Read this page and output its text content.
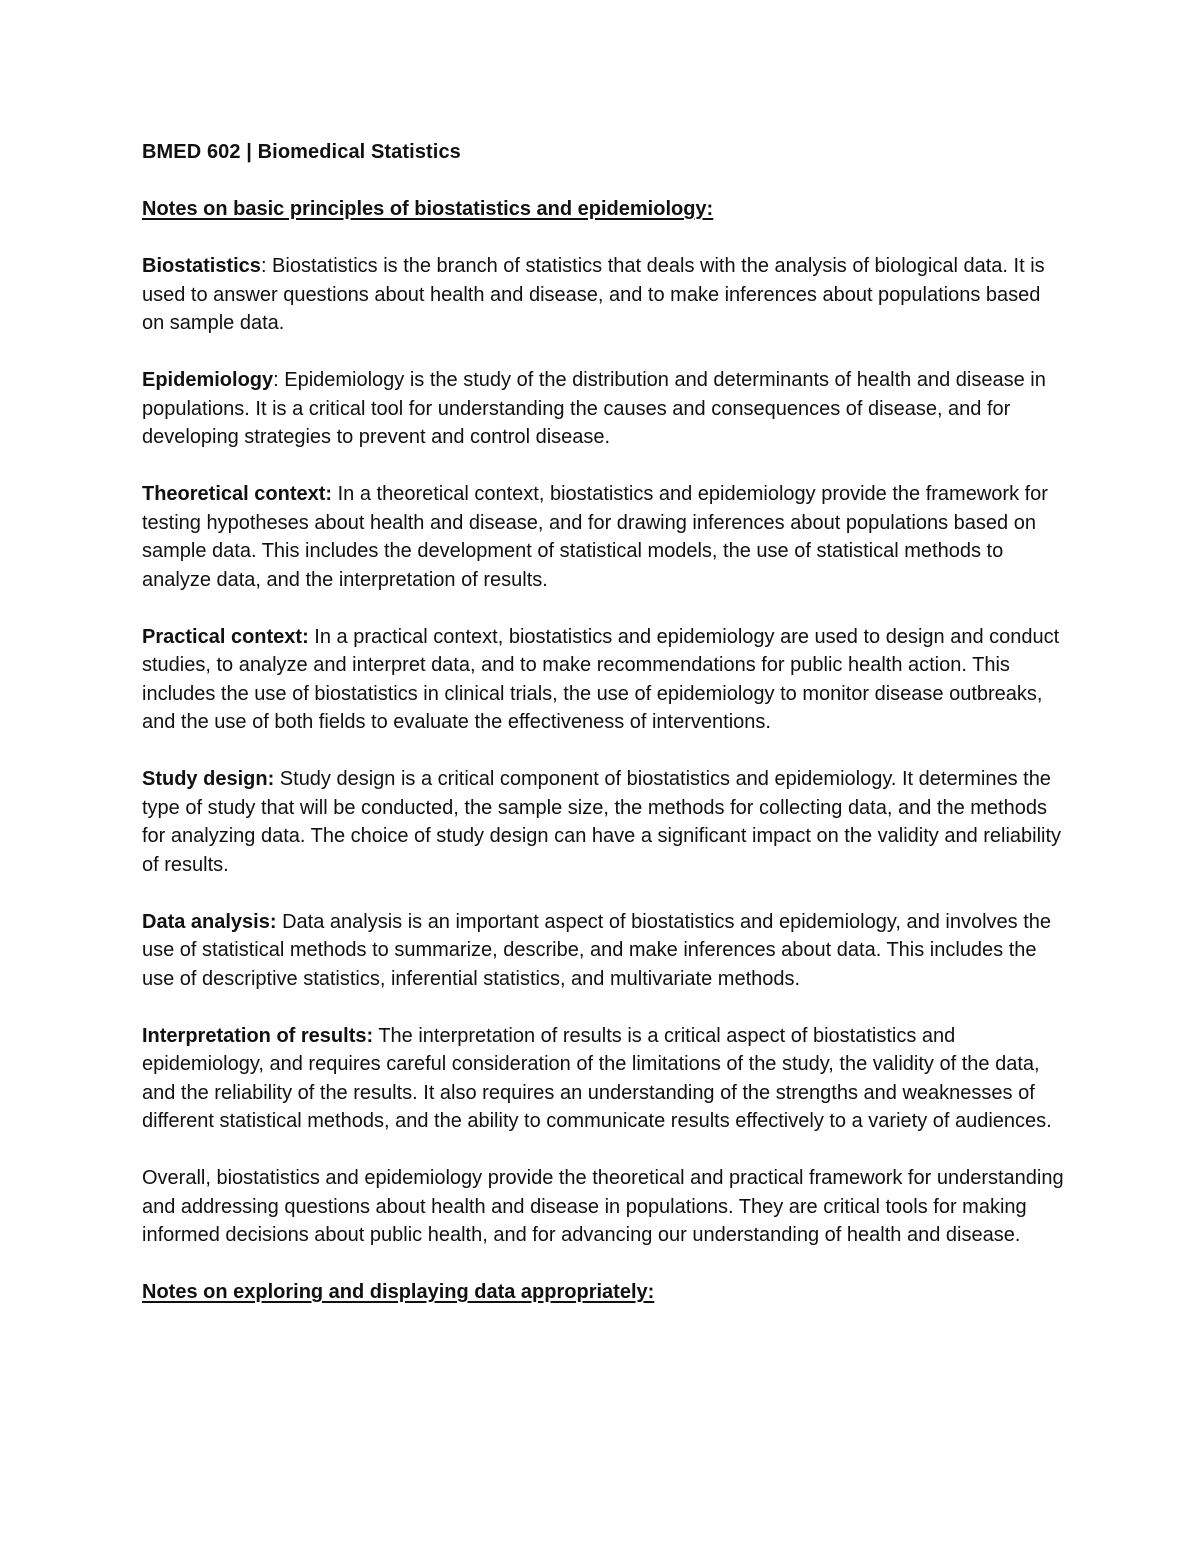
BMED 602 | Biomedical Statistics
Notes on basic principles of biostatistics and epidemiology:

Biostatistics: Biostatistics is the branch of statistics that deals with the analysis of biological data. It is used to answer questions about health and disease, and to make inferences about populations based on sample data.

Epidemiology: Epidemiology is the study of the distribution and determinants of health and disease in populations. It is a critical tool for understanding the causes and consequences of disease, and for developing strategies to prevent and control disease.

Theoretical context: In a theoretical context, biostatistics and epidemiology provide the framework for testing hypotheses about health and disease, and for drawing inferences about populations based on sample data. This includes the development of statistical models, the use of statistical methods to analyze data, and the interpretation of results.

Practical context: In a practical context, biostatistics and epidemiology are used to design and conduct studies, to analyze and interpret data, and to make recommendations for public health action. This includes the use of biostatistics in clinical trials, the use of epidemiology to monitor disease outbreaks, and the use of both fields to evaluate the effectiveness of interventions.

Study design: Study design is a critical component of biostatistics and epidemiology. It determines the type of study that will be conducted, the sample size, the methods for collecting data, and the methods for analyzing data. The choice of study design can have a significant impact on the validity and reliability of results.

Data analysis: Data analysis is an important aspect of biostatistics and epidemiology, and involves the use of statistical methods to summarize, describe, and make inferences about data. This includes the use of descriptive statistics, inferential statistics, and multivariate methods.

Interpretation of results: The interpretation of results is a critical aspect of biostatistics and epidemiology, and requires careful consideration of the limitations of the study, the validity of the data, and the reliability of the results. It also requires an understanding of the strengths and weaknesses of different statistical methods, and the ability to communicate results effectively to a variety of audiences.

Overall, biostatistics and epidemiology provide the theoretical and practical framework for understanding and addressing questions about health and disease in populations. They are critical tools for making informed decisions about public health, and for advancing our understanding of health and disease.

Notes on exploring and displaying data appropriately:
